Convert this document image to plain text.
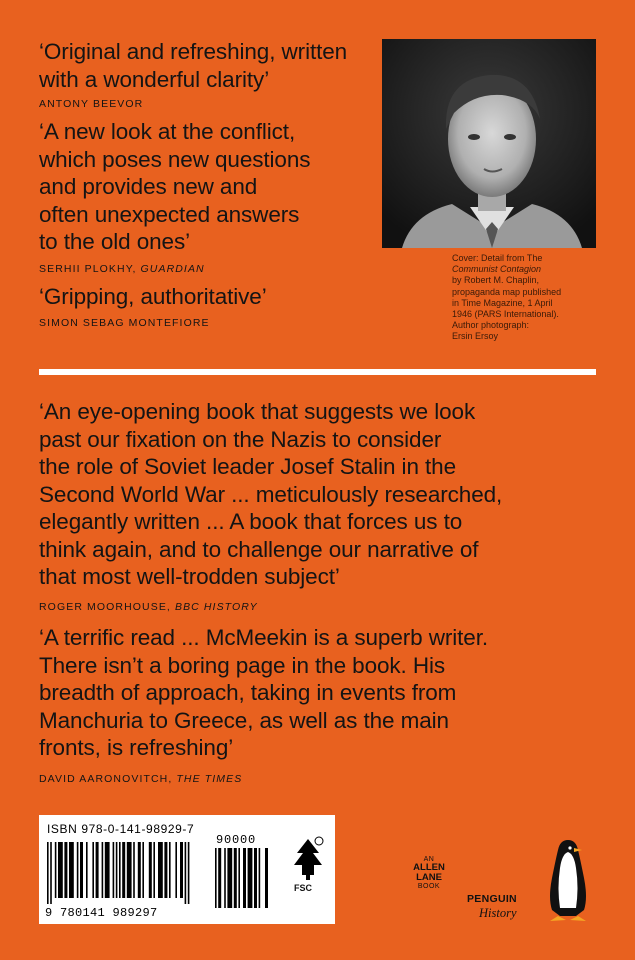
‘Original and refreshing, written
with a wonderful clarity’
ANTONY BEEVOR
‘A new look at the conflict,
which poses new questions
and provides new and
often unexpected answers
to the old ones’
SERHII PLOKHY, GUARDIAN
‘Gripping, authoritative’
SIMON SEBAG MONTEFIORE
Cover: Detail from The
Communist Contagion
by Robert M. Chaplin,
propaganda map published
in Time Magazine, 1 April
1946 (PARS International).
Author photograph:
Ersin Ersoy
‘An eye-opening book that suggests we look
past our fixation on the Nazis to consider
the role of Soviet leader Josef Stalin in the
Second World War ... meticulously researched,
elegantly written ... A book that forces us to
think again, and to challenge our narrative of
that most well-trodden subject’
ROGER MOORHOUSE, BBC HISTORY
‘A terrific read ... McMeekin is a superb writer.
There isn’t a boring page in the book. His
breadth of approach, taking in events from
Manchuria to Greece, as well as the main
fronts, is refreshing’
DAVID AARONOVITCH, THE TIMES
ISBN 978-0-141-98929-7
9 780141 989297
90000
FSC
AN
ALLEN
LANE
BOOK
PENGUIN
History
